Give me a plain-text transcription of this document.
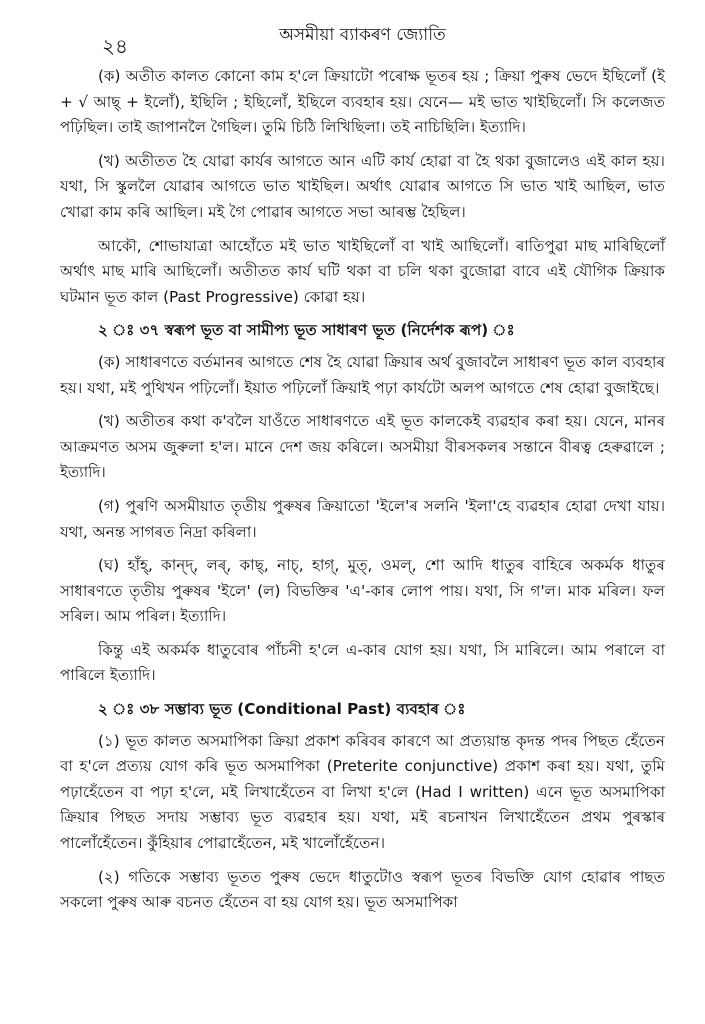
২৪	অসমীয়া ব্যাকৰণ জ্যোতি

(ক) অতীত কালত কোনো কাম হ'লে ক্ৰিয়াটো পৰোক্ষ ভূতৰ হয় ; ক্ৰিয়া পুৰুষ ভেদে ইছিলোঁ (ই + √ আছ্ + ইলোঁ), ইছিলি ; ইছিলোঁ, ইছিলে ব্যবহাৰ হয়। যেনে— মই ভাত খাইছিলোঁ। সি কলেজত পঢ়িছিল। তাই জাপানলৈ গৈছিল। তুমি চিঠি লিখিছিলা। তই নাচিছিলি। ইত্যাদি।

(খ) অতীতত হৈ যোৱা কাৰ্যৰ আগতে আন এটি কাৰ্য হোৱা বা হৈ থকা বুজালেও এই কাল হয়। যথা, সি স্কুললৈ যোৱাৰ আগতে ভাত খাইছিল। অৰ্থাৎ যোৱাৰ আগতে সি ভাত খাই আছিল, ভাত খোৱা কাম কৰি আছিল। মই গৈ পোৱাৰ আগতে সভা আৰম্ভ হৈছিল।

আকৌ, শোভাযাত্ৰা আহোঁতে মই ভাত খাইছিলোঁ বা খাই আছিলোঁ। ৰাতিপুৱা মাছ মাৰিছিলোঁ অৰ্থাৎ মাছ মাৰি আছিলোঁ। অতীতত কাৰ্য ঘটি থকা বা চলি থকা বুজোৱা বাবে এই যৌগিক ক্ৰিয়াক ঘটমান ভূত কাল (Past Progressive) কোৱা হয়।

২ ঃ ৩৭ স্বৰূপ ভূত বা সামীপ্য ভূত সাধাৰণ ভূত (নিৰ্দেশক ৰূপ) ঃ

(ক) সাধাৰণতে বৰ্তমানৰ আগতে শেষ হৈ যোৱা ক্ৰিয়াৰ অৰ্থ বুজাবলৈ সাধাৰণ ভূত কাল ব্যবহাৰ হয়। যথা, মই পুথিখন পঢ়িলোঁ। ইয়াত পঢ়িলোঁ ক্ৰিয়াই পঢ়া কাৰ্যটো অলপ আগতে শেষ হোৱা বুজাইছে।

(খ) অতীতৰ কথা ক'বলৈ যাওঁতে সাধাৰণতে এই ভূত কালকেই ব্যৱহাৰ কৰা হয়। যেনে, মানৰ আক্ৰমণত অসম জুৰুলা হ'ল। মানে দেশ জয় কৰিলে। অসমীয়া বীৰসকলৰ সন্তানে বীৰত্ব হেৰুৱালে ; ইত্যাদি।

(গ) পুৰণি অসমীয়াত তৃতীয় পুৰুষৰ ক্ৰিয়াতো 'ইলে'ৰ সলনি 'ইলা'হে ব্যৱহাৰ হোৱা দেখা যায়। যথা, অনন্ত সাগৰত নিদ্ৰা কৰিলা।

(ঘ) হাঁহ্, কান্দ্, লৰ্, কাছ্, নাচ্, হাগ্, মুত্, ওমল্, শো আদি ধাতুৰ বাহিৰে অকৰ্মক ধাতুৰ সাধাৰণতে তৃতীয় পুৰুষৰ 'ইলে' (ল) বিভক্তিৰ 'এ'-কাৰ লোপ পায়। যথা, সি গ'ল। মাক মৰিল। ফল সৰিল। আম পৰিল। ইত্যাদি।

কিন্তু এই অকৰ্মক ধাতুবোৰ পাঁচনী হ'লে এ-কাৰ যোগ হয়। যথা, সি মাৰিলে। আম পৰালে বা পাৰিলে ইত্যাদি।

২ ঃ ৩৮ সম্ভাব্য ভূত (Conditional Past) ব্যবহাৰ ঃ

(১) ভূত কালত অসমাপিকা ক্ৰিয়া প্ৰকাশ কৰিবৰ কাৰণে আ প্ৰত্যয়ান্ত কৃদন্ত পদৰ পিছত হেঁতেন বা হ'লে প্ৰত্যয় যোগ কৰি ভূত অসমাপিকা (Preterite conjunctive) প্ৰকাশ কৰা হয়। যথা, তুমি পঢ়াহেঁতেন বা পঢ়া হ'লে, মই লিখাহেঁতেন বা লিখা হ'লে (Had I written) এনে ভূত অসমাপিকা ক্ৰিয়াৰ পিছত সদায় সম্ভাব্য ভূত ব্যৱহাৰ হয়। যথা, মই ৰচনাখন লিখাহেঁতেন প্ৰথম পুৰস্কাৰ পালোঁহেঁতেন। কুঁহিয়াৰ পোৱাহেঁতেন, মই খালোঁহেঁতেন।

(২) গতিকে সম্ভাব্য ভূতত পুৰুষ ভেদে ধাতুটোও স্বৰূপ ভূতৰ বিভক্তি যোগ হোৱাৰ পাছত সকলো পুৰুষ আৰু বচনত হেঁতেন বা হয় যোগ হয়। ভূত অসমাপিকা
